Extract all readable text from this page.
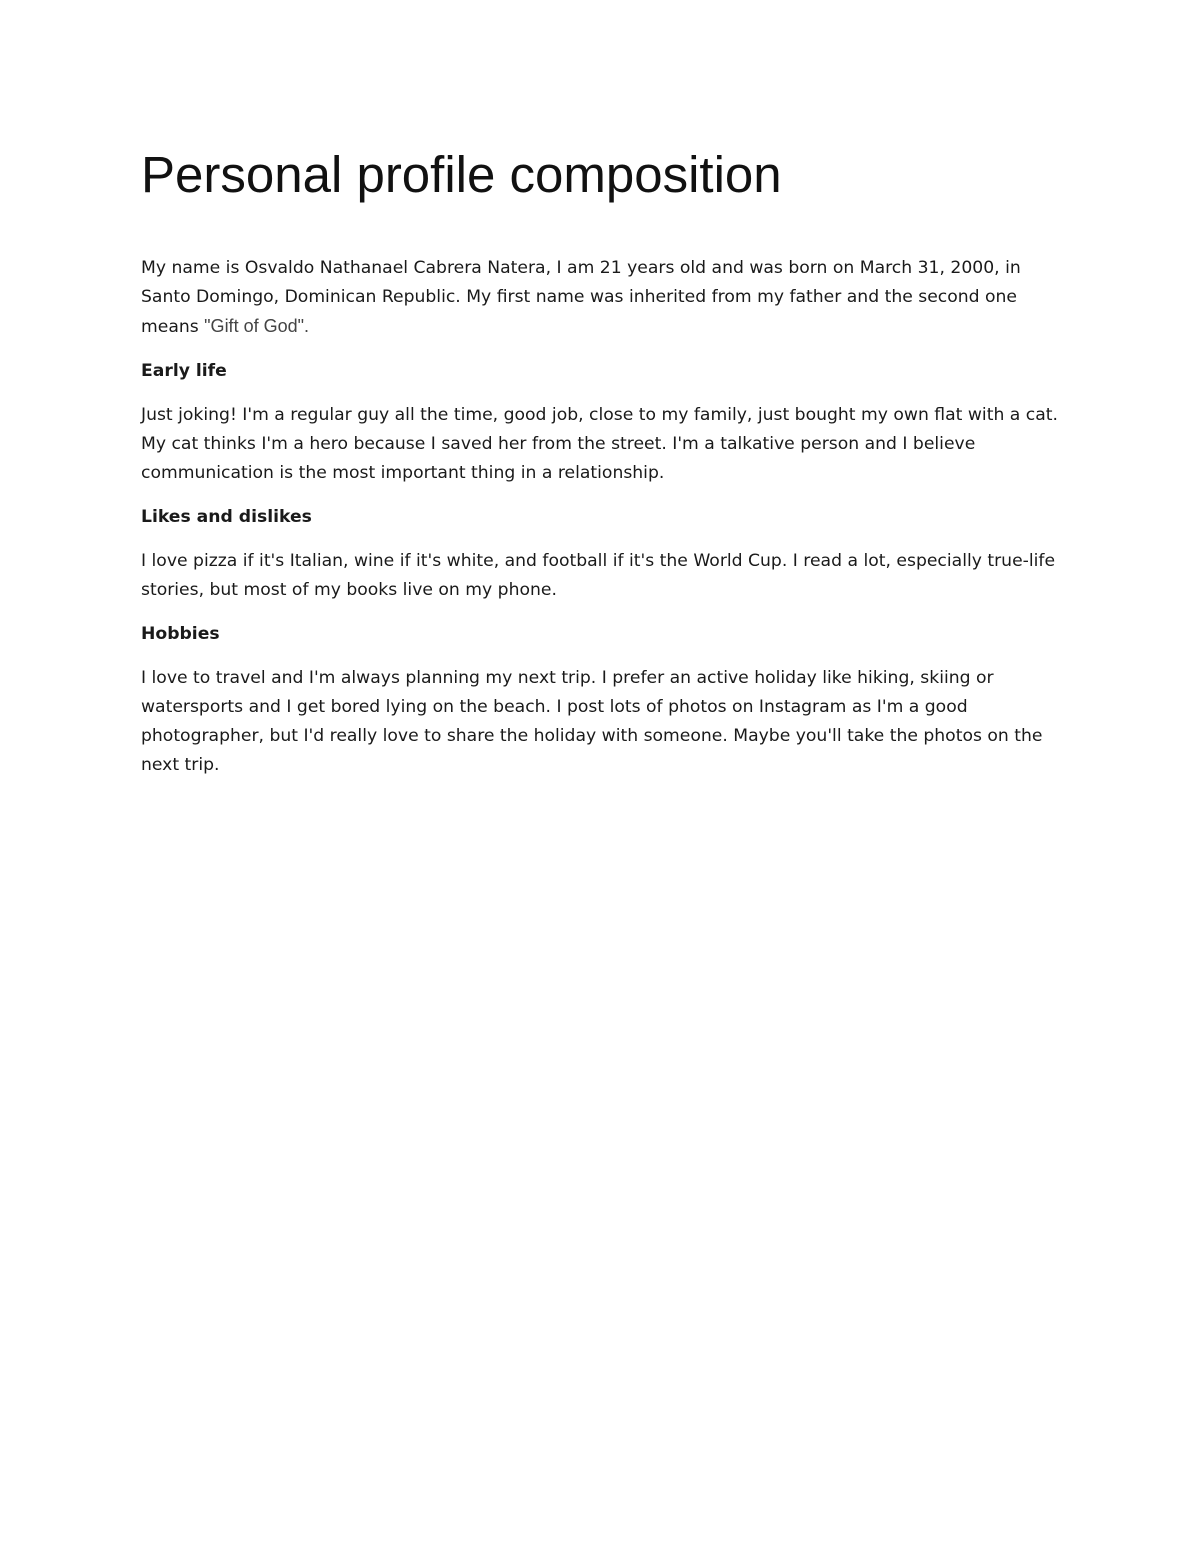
Personal profile composition

My name is Osvaldo Nathanael Cabrera Natera, I am 21 years old and was born on March 31, 2000, in Santo Domingo, Dominican Republic. My first name was inherited from my father and the second one means "Gift of God".

Early life

Just joking! I'm a regular guy all the time, good job, close to my family, just bought my own flat with a cat. My cat thinks I'm a hero because I saved her from the street. I'm a talkative person and I believe communication is the most important thing in a relationship.

Likes and dislikes

I love pizza if it's Italian, wine if it's white, and football if it's the World Cup. I read a lot, especially true-life stories, but most of my books live on my phone.

Hobbies

I love to travel and I'm always planning my next trip. I prefer an active holiday like hiking, skiing or watersports and I get bored lying on the beach. I post lots of photos on Instagram as I'm a good photographer, but I'd really love to share the holiday with someone. Maybe you'll take the photos on the next trip.
